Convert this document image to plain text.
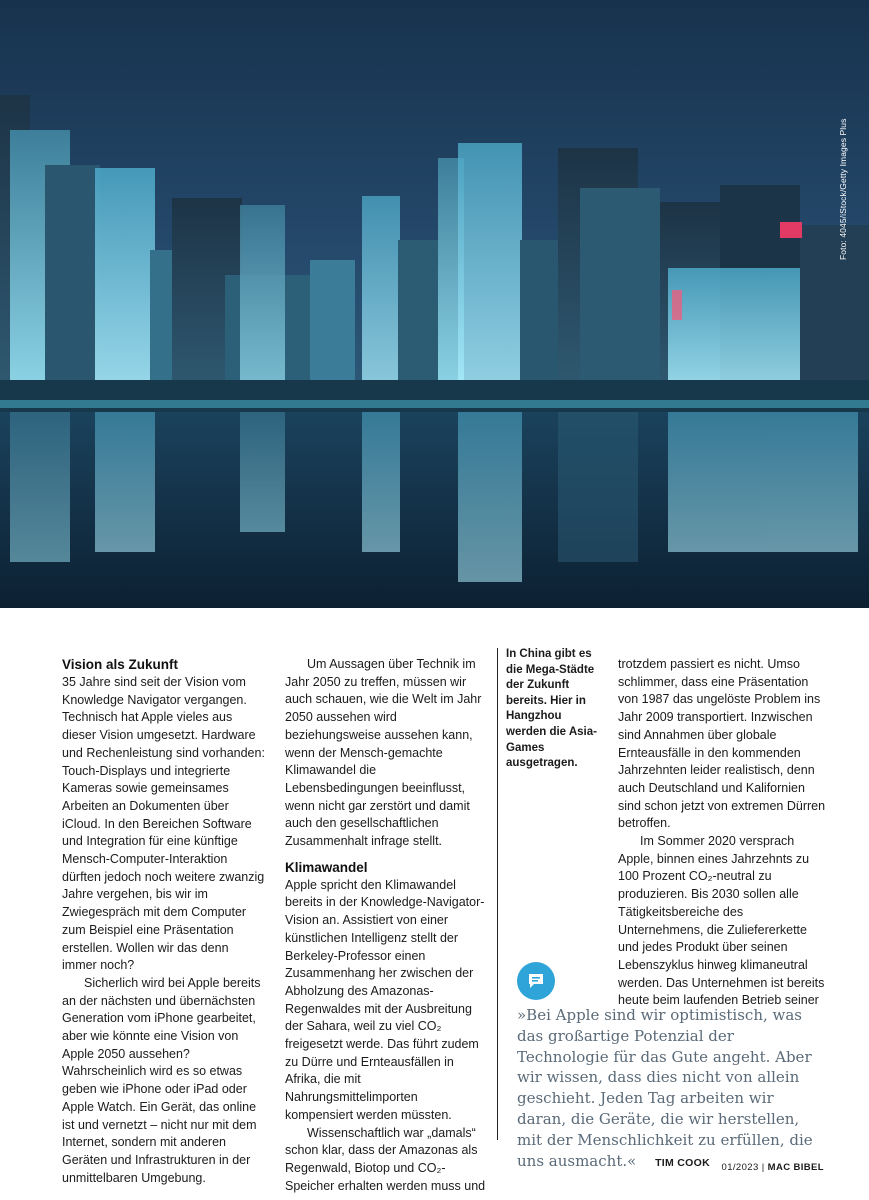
Foto: 4045/iStock/Getty Images Plus
Vision als Zukunft

35 Jahre sind seit der Vision vom Knowledge Navigator vergangen. Technisch hat Apple vieles aus dieser Vision umgesetzt. Hardware und Rechenleistung sind vorhanden: Touch-Displays und integrierte Kameras sowie gemeinsames Arbeiten an Dokumenten über iCloud. In den Bereichen Software und Integration für eine künftige Mensch-Computer-Interaktion dürften jedoch noch weitere zwanzig Jahre vergehen, bis wir im Zwiegespräch mit dem Computer zum Beispiel eine Präsentation erstellen. Wollen wir das denn immer noch?

Sicherlich wird bei Apple bereits an der nächsten und übernächsten Generation vom iPhone gearbeitet, aber wie könnte eine Vision von Apple 2050 aussehen? Wahrscheinlich wird es so etwas geben wie iPhone oder iPad oder Apple Watch. Ein Gerät, das online ist und vernetzt – nicht nur mit dem Internet, sondern mit anderen Geräten und Infrastrukturen in der unmittelbaren Umgebung.

Um Aussagen über Technik im Jahr 2050 zu treffen, müssen wir auch schauen, wie die Welt im Jahr 2050 aussehen wird beziehungsweise aussehen kann, wenn der Mensch-gemachte Klimawandel die Lebensbedingungen beeinflusst, wenn nicht gar zerstört und damit auch den gesellschaftlichen Zusammenhalt infrage stellt.

Klimawandel

Apple spricht den Klimawandel bereits in der Knowledge-Navigator-Vision an. Assistiert von einer künstlichen Intelligenz stellt der Berkeley-Professor einen Zusammenhang her zwischen der Abholzung des Amazonas-Regenwaldes mit der Ausbreitung der Sahara, weil zu viel CO₂ freigesetzt werde. Das führt zudem zu Dürre und Ernteausfällen in Afrika, die mit Nahrungsmittelimporten kompensiert werden müssten.

Wissenschaftlich war „damals“ schon klar, dass der Amazonas als Regenwald, Biotop und CO₂-Speicher erhalten werden muss und

In China gibt es die Mega-Städte der Zukunft bereits. Hier in Hangzhou werden die Asia-Games ausgetragen.

trotzdem passiert es nicht. Umso schlimmer, dass eine Präsentation von 1987 das ungelöste Problem ins Jahr 2009 transportiert. Inzwischen sind Annahmen über globale Ernteausfälle in den kommenden Jahrzehnten leider realistisch, denn auch Deutschland und Kalifornien sind schon jetzt von extremen Dürren betroffen.

Im Sommer 2020 versprach Apple, binnen eines Jahrzehnts zu 100 Prozent CO₂-neutral zu produzieren. Bis 2030 sollen alle Tätigkeitsbereiche des Unternehmens, die Zuliefererkette und jedes Produkt über seinen Lebenszyklus hinweg klimaneutral werden. Das Unternehmen ist bereits heute beim laufenden Betrieb seiner

»Bei Apple sind wir optimistisch, was das großartige Potenzial der Technologie für das Gute angeht. Aber wir wissen, dass dies nicht von allein geschieht. Jeden Tag arbeiten wir daran, die Geräte, die wir herstellen, mit der Menschlichkeit zu erfüllen, die uns ausmacht.« TIM COOK	01/2023 | MAC BIBEL
